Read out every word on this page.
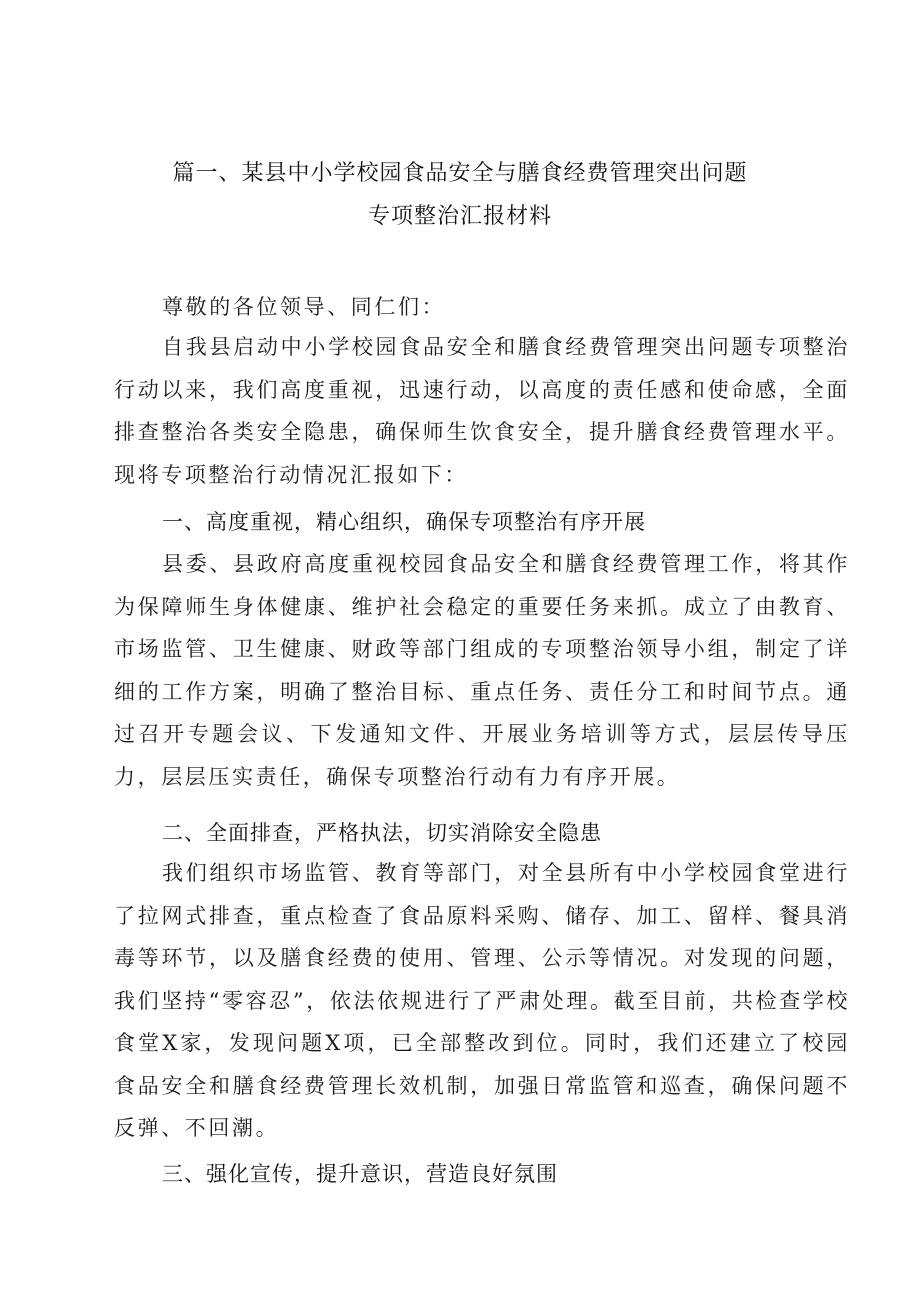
篇一、某县中小学校园食品安全与膳食经费管理突出问题
专项整治汇报材料
尊敬的各位领导、同仁们：
自我县启动中小学校园食品安全和膳食经费管理突出问题专项整治行动以来，我们高度重视，迅速行动，以高度的责任感和使命感，全面排查整治各类安全隐患，确保师生饮食安全，提升膳食经费管理水平。现将专项整治行动情况汇报如下：
一、高度重视，精心组织，确保专项整治有序开展
县委、县政府高度重视校园食品安全和膳食经费管理工作，将其作为保障师生身体健康、维护社会稳定的重要任务来抓。成立了由教育、市场监管、卫生健康、财政等部门组成的专项整治领导小组，制定了详细的工作方案，明确了整治目标、重点任务、责任分工和时间节点。通过召开专题会议、下发通知文件、开展业务培训等方式，层层传导压力，层层压实责任，确保专项整治行动有力有序开展。
二、全面排查，严格执法，切实消除安全隐患
我们组织市场监管、教育等部门，对全县所有中小学校园食堂进行了拉网式排查，重点检查了食品原料采购、储存、加工、留样、餐具消毒等环节，以及膳食经费的使用、管理、公示等情况。对发现的问题，我们坚持“零容忍”，依法依规进行了严肃处理。截至目前，共检查学校食堂X家，发现问题X项，已全部整改到位。同时，我们还建立了校园食品安全和膳食经费管理长效机制，加强日常监管和巡查，确保问题不反弹、不回潮。
三、强化宣传，提升意识，营造良好氛围
